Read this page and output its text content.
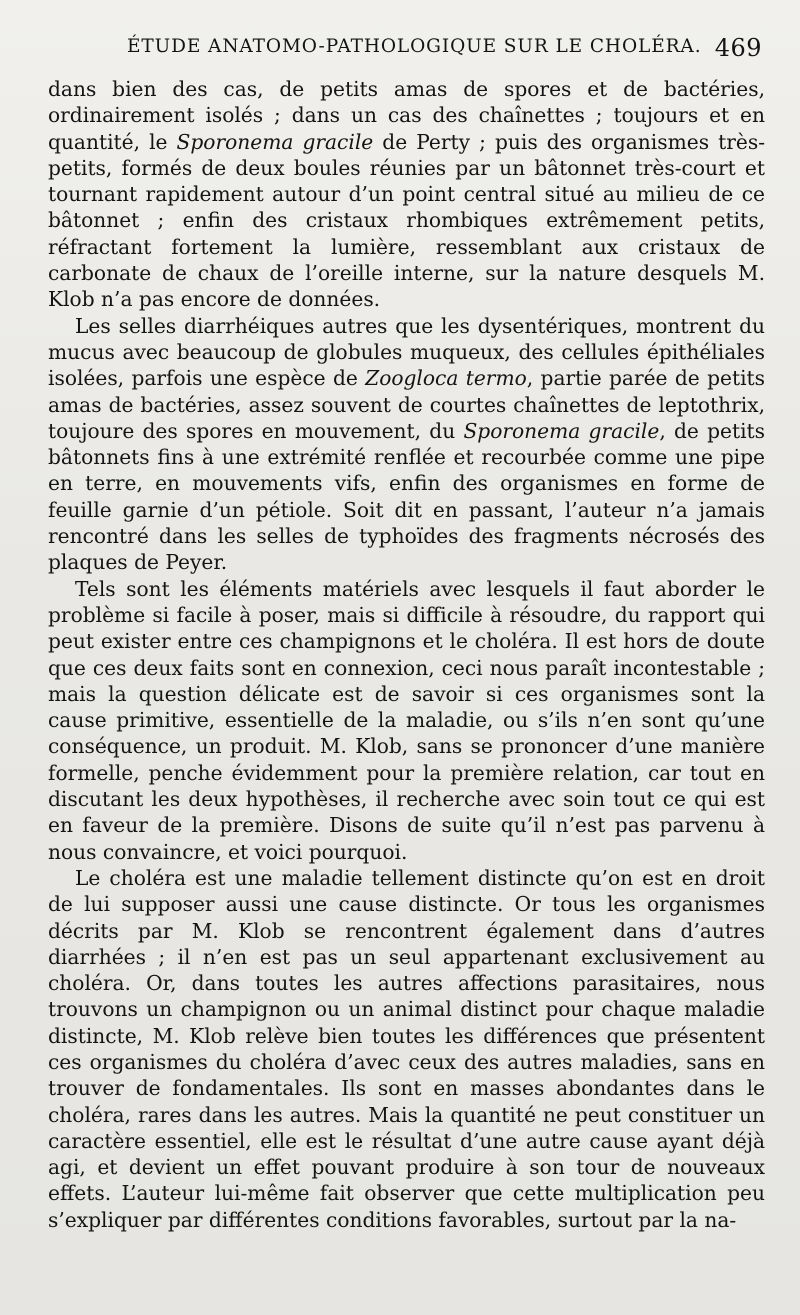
ÉTUDE ANATOMO-PATHOLOGIQUE SUR LE CHOLÉRA. 469

dans bien des cas, de petits amas de spores et de bactéries, ordinairement isolés ; dans un cas des chaînettes ; toujours et en quantité, le Sporonema gracile de Perty ; puis des organismes très-petits, formés de deux boules réunies par un bâtonnet très-court et tournant rapidement autour d’un point central situé au milieu de ce bâtonnet ; enfin des cristaux rhombiques extrêmement petits, réfractant fortement la lumière, ressemblant aux cristaux de carbonate de chaux de l’oreille interne, sur la nature desquels M. Klob n’a pas encore de données.

Les selles diarrhéiques autres que les dysentériques, montrent du mucus avec beaucoup de globules muqueux, des cellules épithéliales isolées, parfois une espèce de Zoogloca termo, partie parée de petits amas de bactéries, assez souvent de courtes chaînettes de leptothrix, toujoure des spores en mouvement, du Sporonema gracile, de petits bâtonnets fins à une extrémité renflée et recourbée comme une pipe en terre, en mouvements vifs, enfin des organismes en forme de feuille garnie d’un pétiole. Soit dit en passant, l’auteur n’a jamais rencontré dans les selles de typhoïdes des fragments nécrosés des plaques de Peyer.

Tels sont les éléments matériels avec lesquels il faut aborder le problème si facile à poser, mais si difficile à résoudre, du rapport qui peut exister entre ces champignons et le choléra. Il est hors de doute que ces deux faits sont en connexion, ceci nous paraît incontestable ; mais la question délicate est de savoir si ces organismes sont la cause primitive, essentielle de la maladie, ou s’ils n’en sont qu’une conséquence, un produit. M. Klob, sans se prononcer d’une manière formelle, penche évidemment pour la première relation, car tout en discutant les deux hypothèses, il recherche avec soin tout ce qui est en faveur de la première. Disons de suite qu’il n’est pas parvenu à nous convaincre, et voici pourquoi.

Le choléra est une maladie tellement distincte qu’on est en droit de lui supposer aussi une cause distincte. Or tous les organismes décrits par M. Klob se rencontrent également dans d’autres diarrhées ; il n’en est pas un seul appartenant exclusivement au choléra. Or, dans toutes les autres affections parasitaires, nous trouvons un champignon ou un animal distinct pour chaque maladie distincte, M. Klob relève bien toutes les différences que présentent ces organismes du choléra d’avec ceux des autres maladies, sans en trouver de fondamentales. Ils sont en masses abondantes dans le choléra, rares dans les autres. Mais la quantité ne peut constituer un caractère essentiel, elle est le résultat d’une autre cause ayant déjà agi, et devient un effet pouvant produire à son tour de nouveaux effets. L’auteur lui-même fait observer que cette multiplication peu s’expliquer par différentes conditions favorables, surtout par la na-
